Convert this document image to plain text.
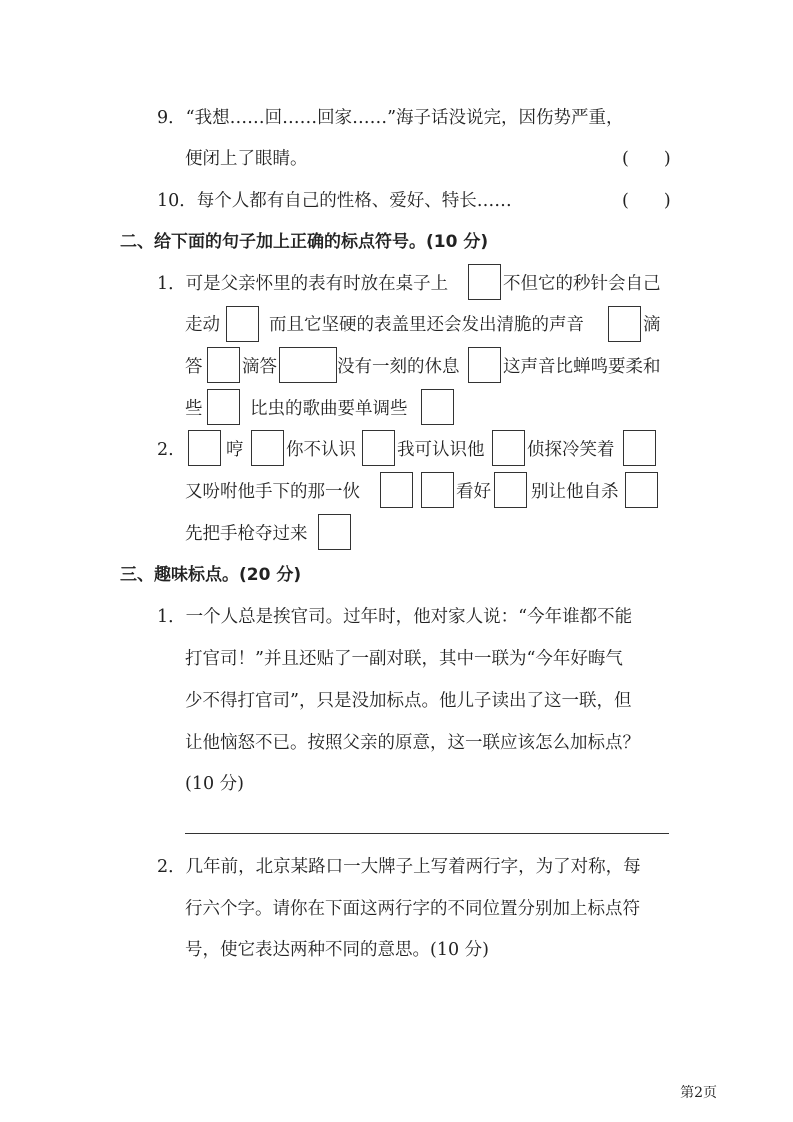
9．“我想……回……回家……”海子话没说完，因伤势严重，
便闭上了眼睛。	(　　)
10．每个人都有自己的性格、爱好、特长……	(　　)
二、给下面的句子加上正确的标点符号。(10 分)
1．可是父亲怀里的表有时放在桌子上	不但它的秒针会自己
走动	而且它坚硬的表盖里还会发出清脆的声音	滴
答 滴答	没有一刻的休息 这声音比蝉鸣要柔和
些	比虫的歌曲要单调些
2.	哼 你不认识 我可认识他 侦探冷笑着
又吩咐他手下的那一伙	看好 别让他自杀
先把手枪夺过来
三、趣味标点。(20 分)
1．一个人总是挨官司。过年时，他对家人说：“今年谁都不能
打官司！”并且还贴了一副对联，其中一联为“今年好晦气
少不得打官司”，只是没加标点。他儿子读出了这一联，但
让他恼怒不已。按照父亲的原意，这一联应该怎么加标点？
(10 分)
2．几年前，北京某路口一大牌子上写着两行字，为了对称，每
行六个字。请你在下面这两行字的不同位置分别加上标点符
号，使它表达两种不同的意思。(10 分)
第2页
